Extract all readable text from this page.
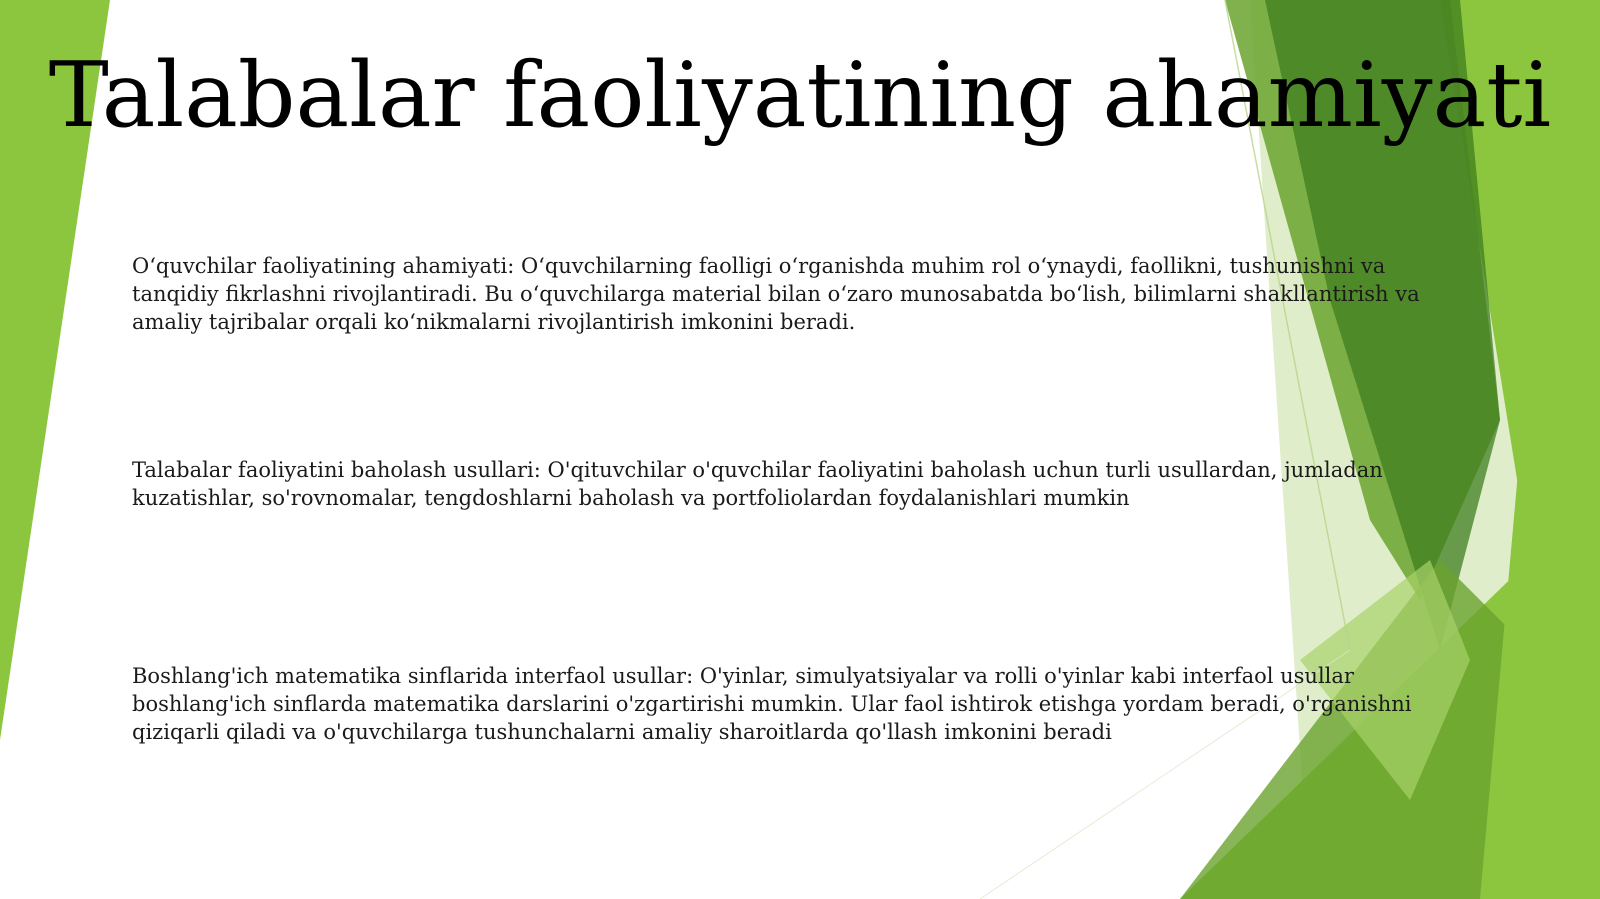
Talabalar faoliyatining ahamiyati

O‘quvchilar faoliyatining ahamiyati: O‘quvchilarning faolligi o‘rganishda muhim rol o‘ynaydi, faollikni, tushunishni va tanqidiy fikrlashni rivojlantiradi. Bu o‘quvchilarga material bilan o‘zaro munosabatda bo‘lish, bilimlarni shakllantirish va amaliy tajribalar orqali ko‘nikmalarni rivojlantirish imkonini beradi.

Talabalar faoliyatini baholash usullari: O'qituvchilar o'quvchilar faoliyatini baholash uchun turli usullardan, jumladan kuzatishlar, so'rovnomalar, tengdoshlarni baholash va portfoliolardan foydalanishlari mumkin

Boshlang'ich matematika sinflarida interfaol usullar: O'yinlar, simulyatsiyalar va rolli o'yinlar kabi interfaol usullar boshlang'ich sinflarda matematika darslarini o'zgartirishi mumkin. Ular faol ishtirok etishga yordam beradi, o'rganishni qiziqarli qiladi va o'quvchilarga tushunchalarni amaliy sharoitlarda qo'llash imkonini beradi
